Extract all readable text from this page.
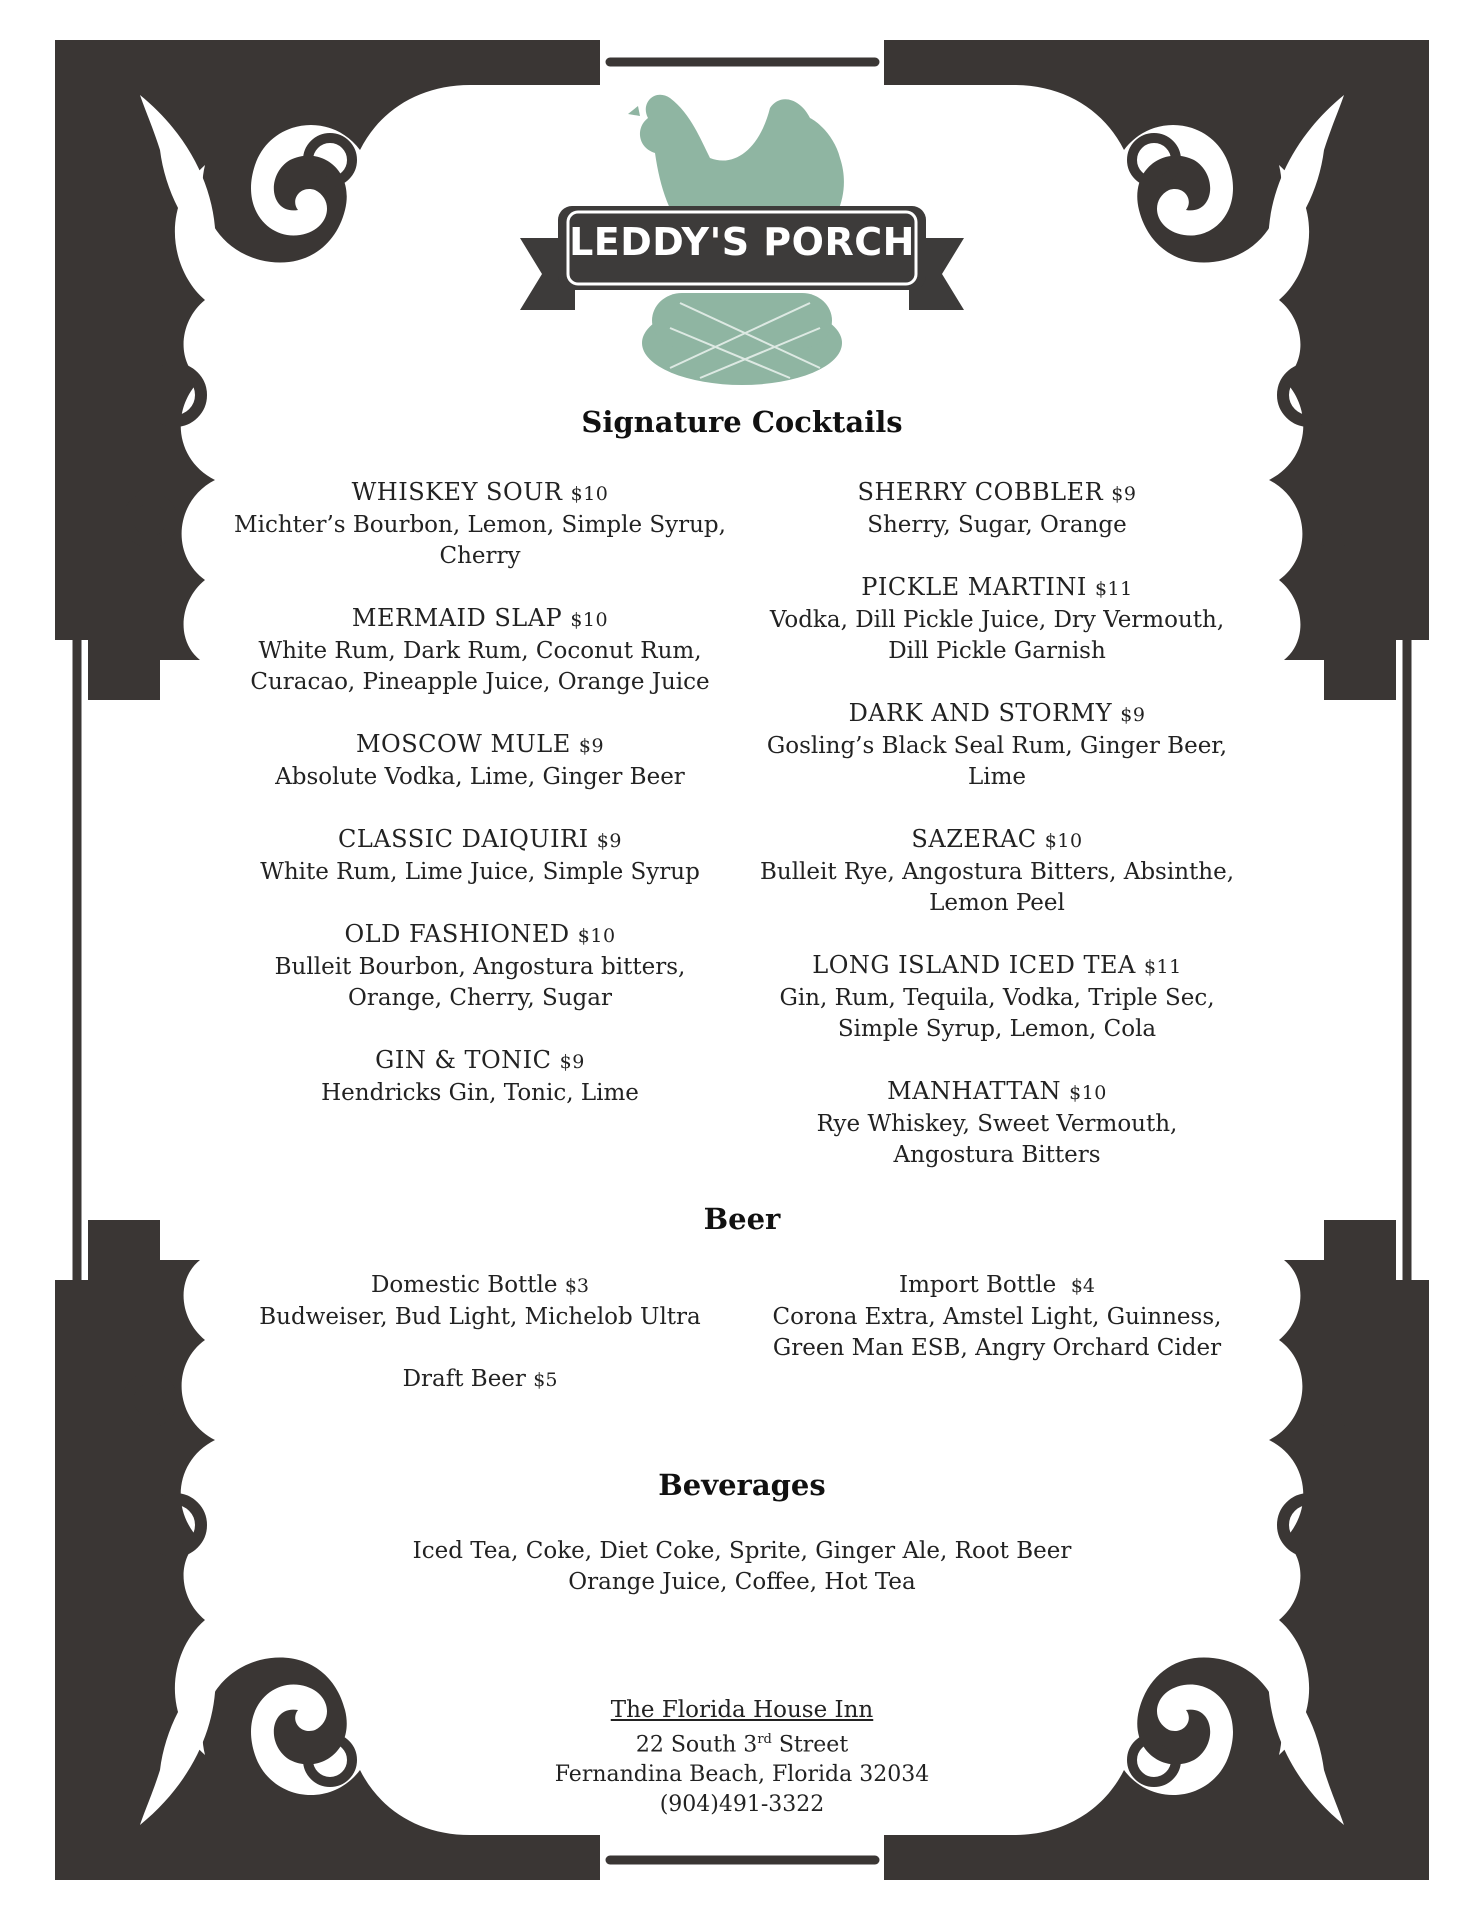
LEDDY'S PORCH
Signature Cocktails
WHISKEY SOUR $10
Michter’s Bourbon, Lemon, Simple Syrup,
Cherry
MERMAID SLAP $10
White Rum, Dark Rum, Coconut Rum,
Curacao, Pineapple Juice, Orange Juice
MOSCOW MULE $9
Absolute Vodka, Lime, Ginger Beer
CLASSIC DAIQUIRI $9
White Rum, Lime Juice, Simple Syrup
OLD FASHIONED $10
Bulleit Bourbon, Angostura bitters,
Orange, Cherry, Sugar
GIN & TONIC $9
Hendricks Gin, Tonic, Lime
SHERRY COBBLER $9
Sherry, Sugar, Orange
PICKLE MARTINI $11
Vodka, Dill Pickle Juice, Dry Vermouth,
Dill Pickle Garnish
DARK AND STORMY $9
Gosling’s Black Seal Rum, Ginger Beer,
Lime
SAZERAC $10
Bulleit Rye, Angostura Bitters, Absinthe,
Lemon Peel
LONG ISLAND ICED TEA $11
Gin, Rum, Tequila, Vodka, Triple Sec,
Simple Syrup, Lemon, Cola
MANHATTAN $10
Rye Whiskey, Sweet Vermouth,
Angostura Bitters
Beer
Domestic Bottle $3
Budweiser, Bud Light, Michelob Ultra
Draft Beer $5
Import Bottle $4
Corona Extra, Amstel Light, Guinness,
Green Man ESB, Angry Orchard Cider
Beverages
Iced Tea, Coke, Diet Coke, Sprite, Ginger Ale, Root Beer
Orange Juice, Coffee, Hot Tea
The Florida House Inn
22 South 3rd Street
Fernandina Beach, Florida 32034
(904)491-3322
